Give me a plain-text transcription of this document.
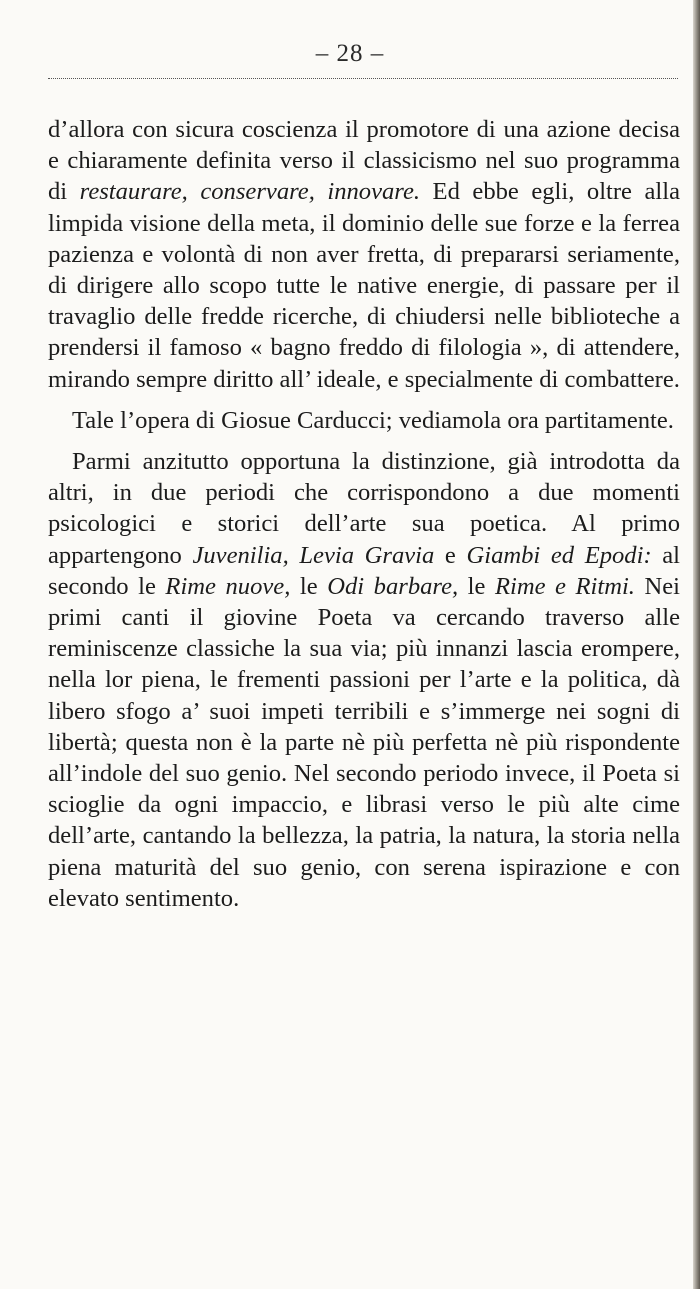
– 28 –

d’allora con sicura coscienza il promotore di una azione decisa e chiaramente definita verso il classicismo nel suo programma di restaurare, conservare, innovare. Ed ebbe egli, oltre alla limpida visione della meta, il dominio delle sue forze e la ferrea pazienza e volontà di non aver fretta, di prepararsi seriamente, di dirigere allo scopo tutte le native energie, di passare per il travaglio delle fredde ricerche, di chiudersi nelle biblioteche a prendersi il famoso « bagno freddo di filologia », di attendere, mirando sempre diritto all’ ideale, e specialmente di combattere.

Tale l’opera di Giosue Carducci; vediamola ora partitamente.

Parmi anzitutto opportuna la distinzione, già introdotta da altri, in due periodi che corrispondono a due momenti psicologici e storici dell’arte sua poetica. Al primo appartengono Juvenilia, Levia Gravia e Giambi ed Epodi: al secondo le Rime nuove, le Odi barbare, le Rime e Ritmi. Nei primi canti il giovine Poeta va cercando traverso alle reminiscenze classiche la sua via; più innanzi lascia erompere, nella lor piena, le frementi passioni per l’arte e la politica, dà libero sfogo a’ suoi impeti terribili e s’immerge nei sogni di libertà; questa non è la parte nè più perfetta nè più rispondente all’indole del suo genio. Nel secondo periodo invece, il Poeta si scioglie da ogni impaccio, e librasi verso le più alte cime dell’arte, cantando la bellezza, la patria, la natura, la storia nella piena maturità del suo genio, con serena ispirazione e con elevato sentimento.
